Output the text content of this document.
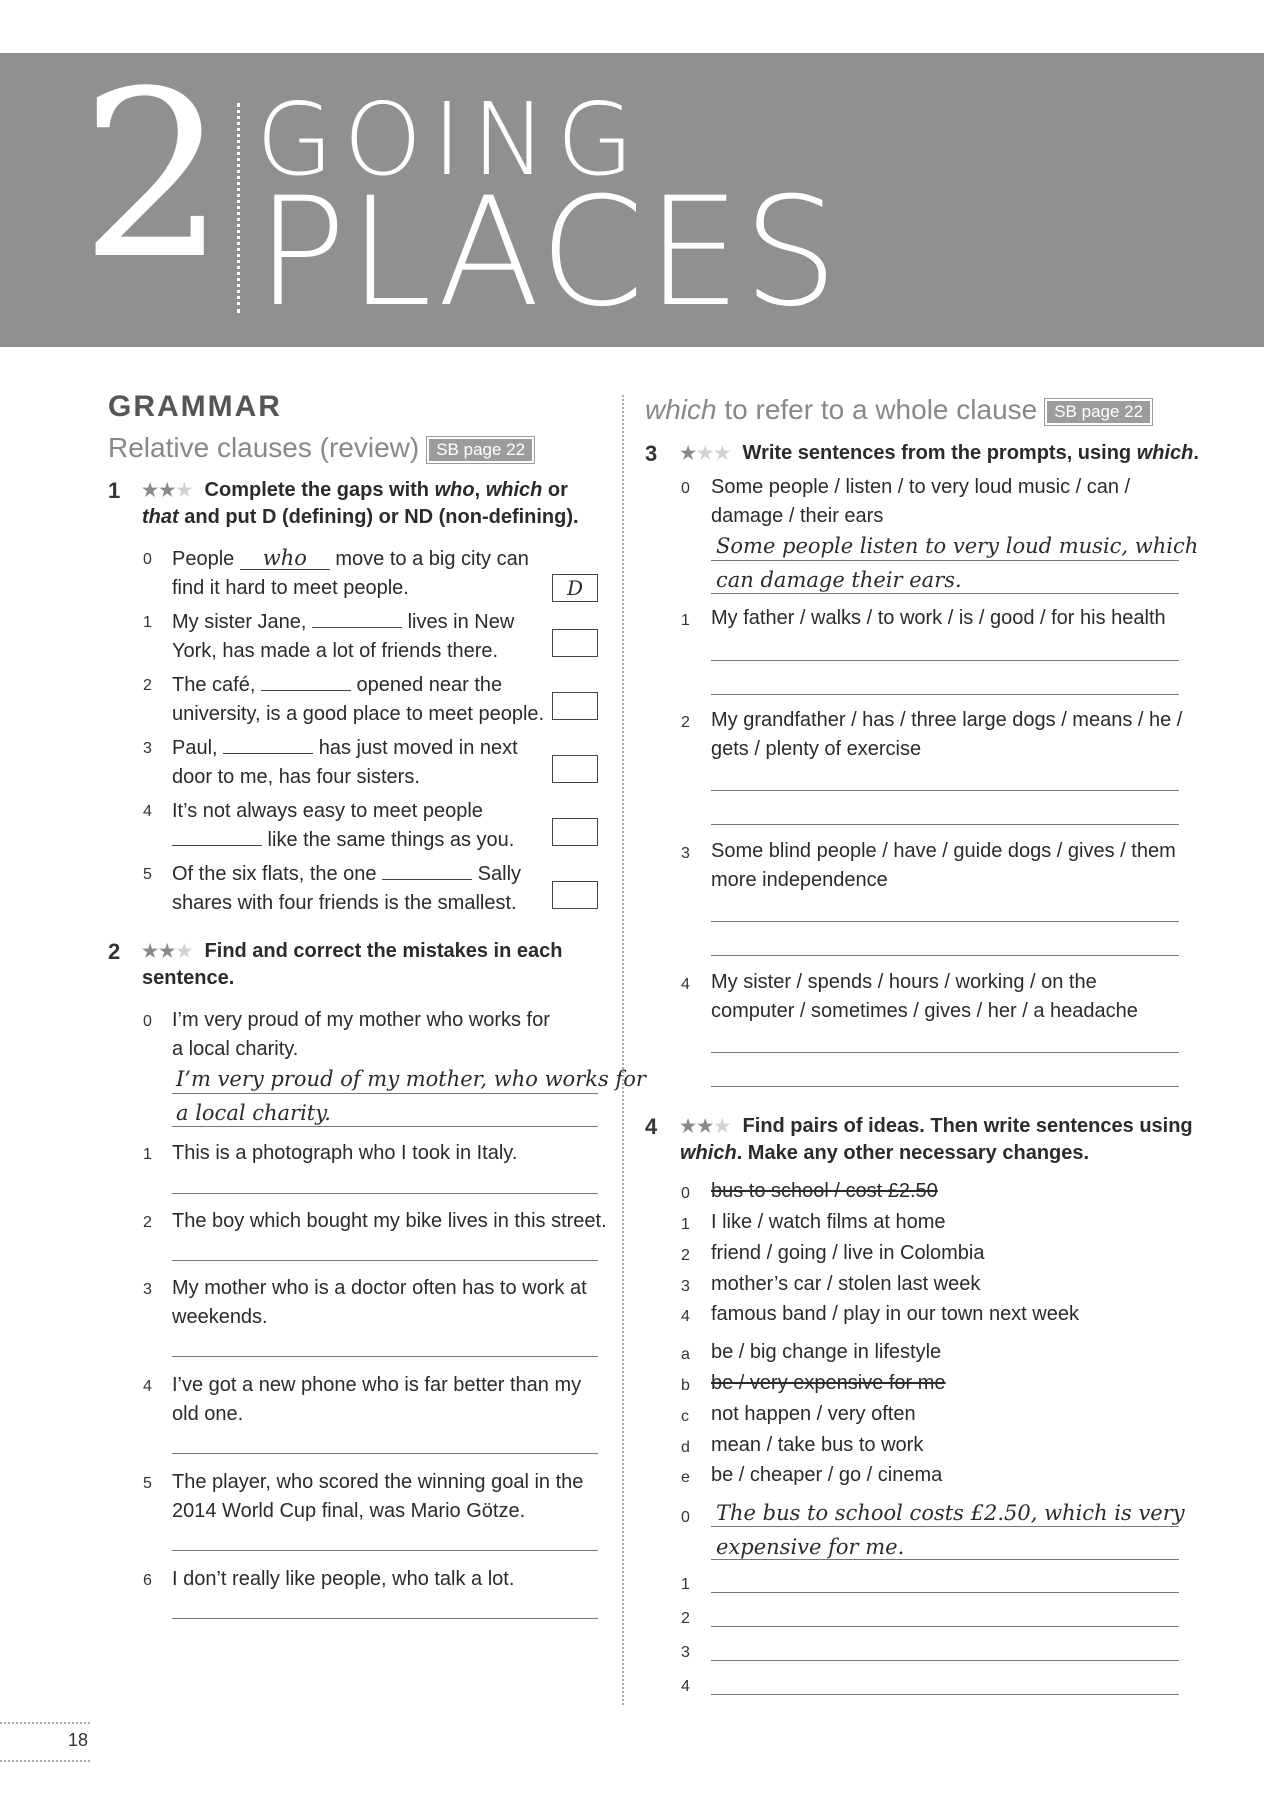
2 GOING
PLACES
GRAMMAR
Relative clauses (review) SB page 22
1 ★★★ Complete the gaps with who, which or
that and put D (defining) or ND (non-defining).
0 People who move to a big city can
find it hard to meet people.	D
1 My sister Jane,	lives in New
York, has made a lot of friends there.
2 The café,	opened near the
university, is a good place to meet people.
3 Paul,	has just moved in next
door to me, has four sisters.
4 It’s not always easy to meet people
like the same things as you.
5 Of the six flats, the one	Sally
shares with four friends is the smallest.
2 ★★★ Find and correct the mistakes in each
sentence.
0 I’m very proud of my mother who works for
a local charity.
I’m very proud of my mother, who works for
a local charity.
1 This is a photograph who I took in Italy.
2 The boy which bought my bike lives in this street.
3 My mother who is a doctor often has to work at
weekends.
4 I’ve got a new phone who is far better than my
old one.
5 The player, who scored the winning goal in the
2014 World Cup final, was Mario Götze.
6 I don’t really like people, who talk a lot.
which to refer to a whole clause SB page 22
3 ★★★ Write sentences from the prompts, using which.
0 Some people / listen / to very loud music / can /
damage / their ears
Some people listen to very loud music, which
can damage their ears.
1 My father / walks / to work / is / good / for his health
2 My grandfather / has / three large dogs / means / he /
gets / plenty of exercise
3 Some blind people / have / guide dogs / gives / them
more independence
4 My sister / spends / hours / working / on the
computer / sometimes / gives / her / a headache
4 ★★★ Find pairs of ideas. Then write sentences using
which. Make any other necessary changes.
0 bus to school / cost £2.50
1 I like / watch films at home
2 friend / going / live in Colombia
3 mother’s car / stolen last week
4 famous band / play in our town next week
a be / big change in lifestyle
b be / very expensive for me
c not happen / very often
d mean / take bus to work
e be / cheaper / go / cinema
0 The bus to school costs £2.50, which is very
expensive for me.
1
2
3
4
18
